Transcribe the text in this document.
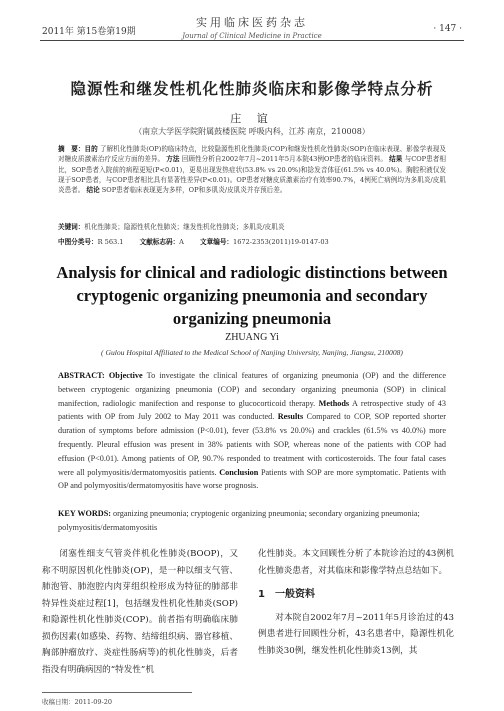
2011年 第15卷第19期
实用临床医药杂志
Journal of Clinical Medicine in Practice
· 147 ·
隐源性和继发性机化性肺炎临床和影像学特点分析
庄 谊
（南京大学医学院附属鼓楼医院 呼吸内科，江苏 南京，210008）
摘　要：目的 了解机化性肺炎(OP)的临床特点，比较隐源性机化性肺炎(COP)和继发性机化性肺炎(SOP)在临床表现、影像学表现及对糖皮质激素治疗反应方面的差异。 方法 回顾性分析自2002年7月~2011年5月本院43例OP患者的临床资料。 结果 与COP患者相比，SOP患者入院前的病程更短(P<0.01)，更易出现发热症状(53.8% vs 20.0%)和捻发音体征(61.5% vs 40.0%)。胸腔积液仅发现于SOP患者，与COP患者相比具有显著性差异(P<0.01)。OP患者对糖皮质激素治疗有效率90.7%，4例死亡病例均为多肌炎/皮肌炎患者。 结论 SOP患者临床表现更为多样，OP和多肌炎/皮肌炎并存预后差。
关键词：机化性肺炎；隐源性机化性肺炎；继发性机化性肺炎；多肌炎/皮肌炎
中图分类号：R 563.1 文献标志码：A 文章编号：1672-2353(2011)19-0147-03
Analysis for clinical and radiologic distinctions between cryptogenic organizing pneumonia and secondary organizing pneumonia
ZHUANG Yi
( Gulou Hospital Affiliated to the Medical School of Nanjing University, Nanjing, Jiangsu, 210008)
ABSTRACT: Objective To investigate the clinical features of organizing pneumonia (OP) and the difference between cryptogenic organizing pneumonia (COP) and secondary organizing pneumonia (SOP) in clinical manifection, radiologic manifection and response to glucocorticoid therapy. Methods A retrospective study of 43 patients with OP from July 2002 to May 2011 was conducted. Results Compared to COP, SOP reported shorter duration of symptoms before admission (P<0.01), fever (53.8% vs 20.0%) and crackles (61.5% vs 40.0%) more frequently. Pleural effusion was present in 38% patients with SOP, whereas none of the patients with COP had effusion (P<0.01). Among patients of OP, 90.7% responded to treatment with corticosteroids. The four fatal cases were all polymyositis/dermatomyositis patients. Conclusion Patients with SOP are more symptomatic. Patients with OP and polymyositis/dermatomyositis have worse prognosis.
KEY WORDS: organizing pneumonia; cryptogenic organizing pneumonia; secondary organizing pneumonia; polymyositis/dermatomyositis
闭塞性细支气管炎伴机化性肺炎(BOOP)，又称不明原因机化性肺炎(OP)，是一种以细支气管、肺泡管、肺泡腔内肉芽组织栓形成为特征的肺部非特异性炎症过程[1]，包括继发性机化性肺炎(SOP)和隐源性机化性肺炎(COP)。前者指有明确临床肺损伤因素(如感染、药物、结缔组织病、器官移植、胸部肿瘤放疗、炎症性肠病等)的机化性肺炎，后者指没有明确病因的“特发性”机
化性肺炎。本文回顾性分析了本院诊治过的43例机化性肺炎患者，对其临床和影像学特点总结如下。
1　一般资料
对本院自2002年7月~2011年5月诊治过的43例患者进行回顾性分析，43名患者中，隐源性机化性肺炎30例，继发性机化性肺炎13例，其
收稿日期：2011-09-20
